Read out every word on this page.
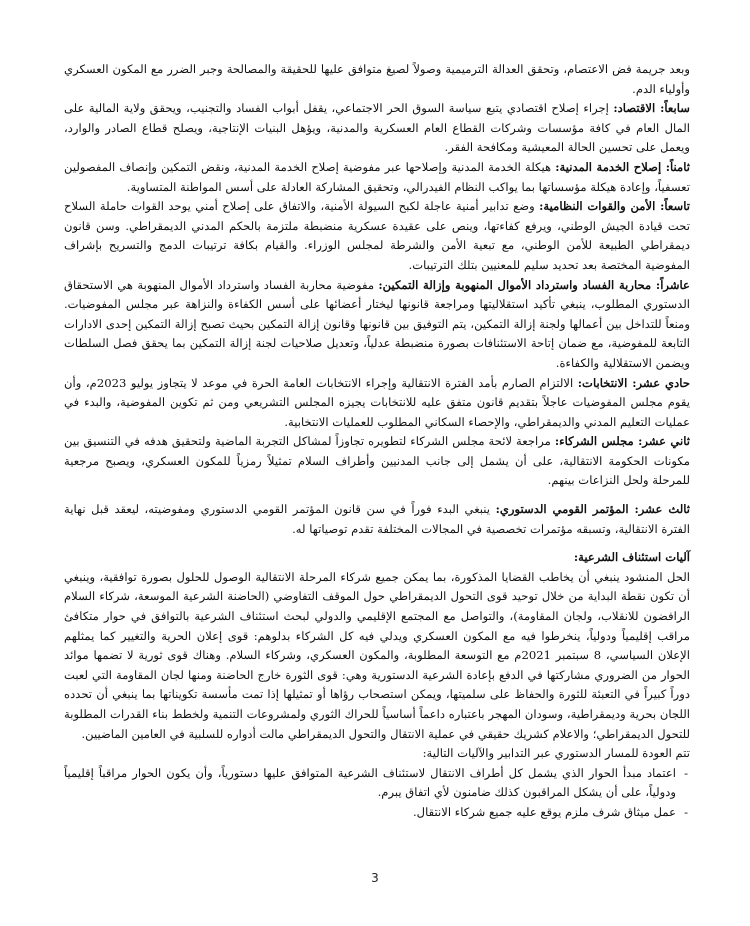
وبعد جريمة فض الاعتصام، وتحقق العدالة الترميمية وصولاً لصيغ متوافق عليها للحقيقة والمصالحة وجبر الضرر مع المكون العسكري وأولياء الدم.

سابعاً: الاقتصاد: إجراء إصلاح اقتصادي يتبع سياسة السوق الحر الاجتماعي، يقفل أبواب الفساد والتجنيب، ويحقق ولاية المالية على المال العام في كافة مؤسسات وشركات القطاع العام العسكرية والمدنية، ويؤهل البنيات الإنتاجية، ويصلح قطاع الصادر والوارد، ويعمل على تحسين الحالة المعيشية ومكافحة الفقر.

ثامناً: إصلاح الخدمة المدنية: هيكلة الخدمة المدنية وإصلاحها عبر مفوضية إصلاح الخدمة المدنية، ونقض التمكين وإنصاف المفصولين تعسفياً، وإعادة هيكلة مؤسساتها بما يواكب النظام الفيدرالي، وتحقيق المشاركة العادلة على أسس المواطنة المتساوية.

تاسعاً: الأمن والقوات النظامية: وضع تدابير أمنية عاجلة لكبح السيولة الأمنية، والاتفاق على إصلاح أمني يوحد القوات حاملة السلاح تحت قيادة الجيش الوطني، ويرفع كفاءتها، وينص على عقيدة عسكرية منضبطة ملتزمة بالحكم المدني الديمقراطي. وسن قانون ديمقراطي الطبيعة للأمن الوطني، مع تبعية الأمن والشرطة لمجلس الوزراء. والقيام بكافة ترتيبات الدمج والتسريح بإشراف المفوضية المختصة بعد تحديد سليم للمعنيين بتلك الترتيبات.

عاشراً: محاربة الفساد واسترداد الأموال المنهوبة وإزالة التمكين: مفوضية محاربة الفساد واسترداد الأموال المنهوبة هي الاستحقاق الدستوري المطلوب، ينبغي تأكيد استقلاليتها ومراجعة قانونها ليختار أعضائها على أسس الكفاءة والنزاهة عبر مجلس المفوضيات. ومنعاً للتداخل بين أعمالها ولجنة إزالة التمكين، يتم التوفيق بين قانونها وقانون إزالة التمكين بحيث تصبح إزالة التمكين إحدى الادارات التابعة للمفوضية، مع ضمان إتاحة الاستئنافات بصورة منضبطة عدلياً، وتعديل صلاحيات لجنة إزالة التمكين بما يحقق فصل السلطات ويضمن الاستقلالية والكفاءة.

حادي عشر: الانتخابات: الالتزام الصارم بأمد الفترة الانتقالية وإجراء الانتخابات العامة الحرة في موعد لا يتجاوز يوليو 2023م، وأن يقوم مجلس المفوضيات عاجلاً بتقديم قانون متفق عليه للانتخابات يجيزه المجلس التشريعي ومن ثم تكوين المفوضية، والبدء في عمليات التعليم المدني والديمقراطي، والإحصاء السكاني المطلوب للعمليات الانتخابية.

ثاني عشر: مجلس الشركاء: مراجعة لائحة مجلس الشركاء لتطويره تجاوزاً لمشاكل التجربة الماضية ولتحقيق هدفه في التنسيق بين مكونات الحكومة الانتقالية، على أن يشمل إلى جانب المدنيين وأطراف السلام تمثيلاً رمزياً للمكون العسكري، ويصبح مرجعية للمرحلة ولحل النزاعات بينهم.

ثالث عشر: المؤتمر القومي الدستوري: ينبغي البدء فوراً في سن قانون المؤتمر القومي الدستوري ومفوضيته، ليعقد قبل نهاية الفترة الانتقالية، وتسبقه مؤتمرات تخصصية في المجالات المختلفة تقدم توصياتها له.

آليات استئناف الشرعية:

الحل المنشود ينبغي أن يخاطب القضايا المذكورة، بما يمكن جميع شركاء المرحلة الانتقالية الوصول للحلول بصورة توافقية، وينبغي أن تكون نقطة البداية من خلال توحيد قوى التحول الديمقراطي حول الموقف التفاوضي (الحاضنة الشرعية الموسعة، شركاء السلام الرافضون للانقلاب، ولجان المقاومة)، والتواصل مع المجتمع الإقليمي والدولي لبحث استئناف الشرعية بالتوافق في حوار متكافئ مراقب إقليمياً ودولياً، ينخرطوا فيه مع المكون العسكري ويدلي فيه كل الشركاء بدلوهم: قوى إعلان الحرية والتغيير كما يمثلهم الإعلان السياسي، 8 سبتمبر 2021م مع التوسعة المطلوبة، والمكون العسكري، وشركاء السلام. وهناك قوى ثورية لا تضمها موائد الحوار من الضروري مشاركتها في الدفع بإعادة الشرعية الدستورية وهي: قوى الثورة خارج الحاضنة ومنها لجان المقاومة التي لعبت دوراً كبيراً في التعبئة للثورة والحفاظ على سلميتها، ويمكن استصحاب رؤاها أو تمثيلها إذا تمت مأسسة تكويناتها بما ينبغي أن تحدده اللجان بحرية وديمقراطية، وسودان المهجر باعتباره داعماً أساسياً للحراك الثوري ولمشروعات التنمية ولخطط بناء القدرات المطلوبة للتحول الديمقراطي؛ والاعلام كشريك حقيقي في عملية الانتقال والتحول الديمقراطي مالت أدواره للسلبية في العامين الماضيين.

تتم العودة للمسار الدستوري عبر التدابير والآليات التالية:

- اعتماد مبدأ الحوار الذي يشمل كل أطراف الانتقال لاستئناف الشرعية المتوافق عليها دستورياً، وأن يكون الحوار مراقباً إقليمياً ودولياً، على أن يشكل المراقبون كذلك ضامنون لأي اتفاق يبرم.
- عمل ميثاق شرف ملزم يوقع عليه جميع شركاء الانتقال.
3
